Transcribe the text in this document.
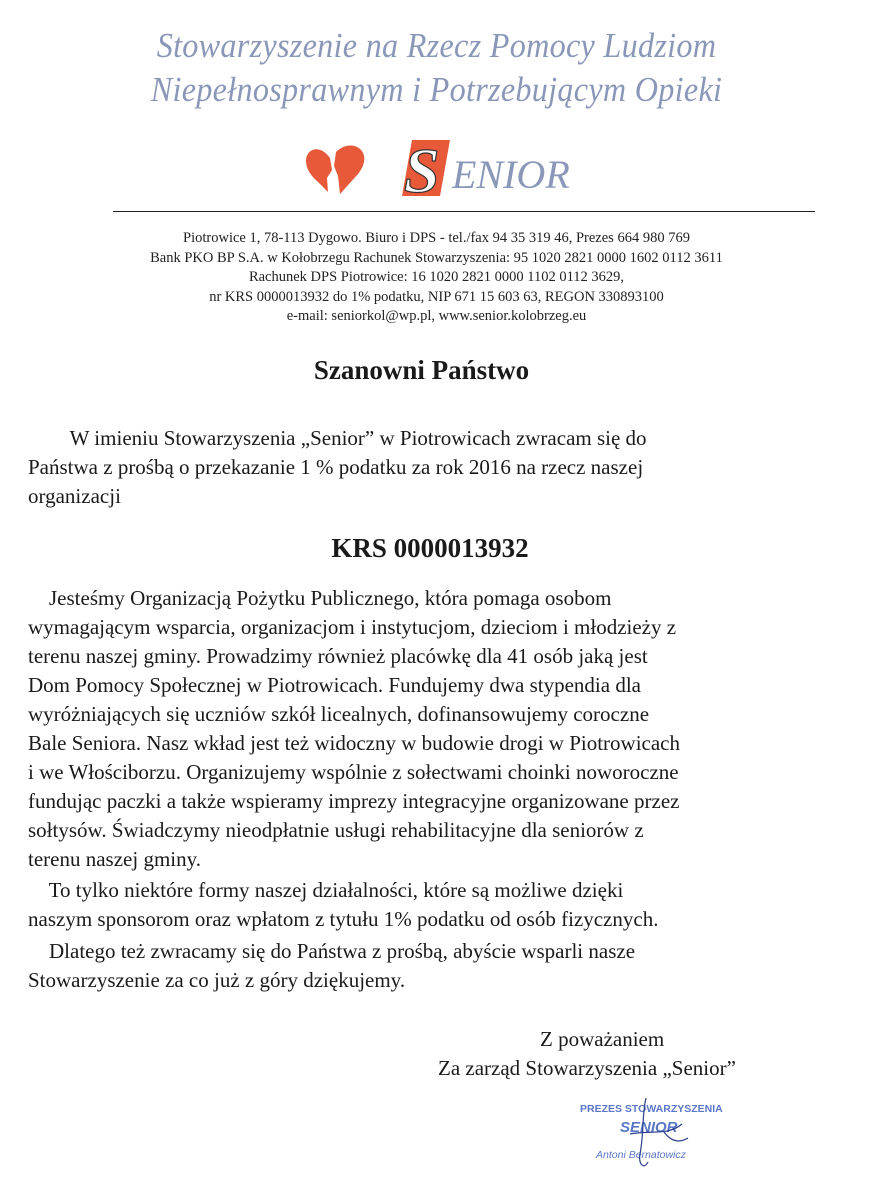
Stowarzyszenie na Rzecz Pomocy Ludziom
Niepełnosprawnym i Potrzebującym Opieki
S ENIOR
Piotrowice 1, 78-113 Dygowo. Biuro i DPS - tel./fax 94 35 319 46, Prezes 664 980 769
Bank PKO BP S.A. w Kołobrzegu Rachunek Stowarzyszenia: 95 1020 2821 0000 1602 0112 3611
Rachunek DPS Piotrowice: 16 1020 2821 0000 1102 0112 3629,
nr KRS 0000013932 do 1% podatku, NIP 671 15 603 63, REGON 330893100
e-mail: seniorkol@wp.pl, www.senior.kolobrzeg.eu
Szanowni Państwo
W imieniu Stowarzyszenia „Senior” w Piotrowicach zwracam się do
Państwa z prośbą o przekazanie 1 % podatku za rok 2016 na rzecz naszej
organizacji
KRS 0000013932
Jesteśmy Organizacją Pożytku Publicznego, która pomaga osobom
wymagającym wsparcia, organizacjom i instytucjom, dzieciom i młodzieży z
terenu naszej gminy. Prowadzimy również placówkę dla 41 osób jaką jest
Dom Pomocy Społecznej w Piotrowicach. Fundujemy dwa stypendia dla
wyróżniających się uczniów szkół licealnych, dofinansowujemy coroczne
Bale Seniora. Nasz wkład jest też widoczny w budowie drogi w Piotrowicach
i we Włościborzu. Organizujemy wspólnie z sołectwami choinki noworoczne
fundując paczki a także wspieramy imprezy integracyjne organizowane przez
sołtysów. Świadczymy nieodpłatnie usługi rehabilitacyjne dla seniorów z
terenu naszej gminy.
To tylko niektóre formy naszej działalności, które są możliwe dzięki
naszym sponsorom oraz wpłatom z tytułu 1% podatku od osób fizycznych.
Dlatego też zwracamy się do Państwa z prośbą, abyście wsparli nasze
Stowarzyszenie za co już z góry dziękujemy.
Z poważaniem
Za zarząd Stowarzyszenia „Senior”
PREZES STOWARZYSZENIA
SENIOR
Antoni Bernatowicz
